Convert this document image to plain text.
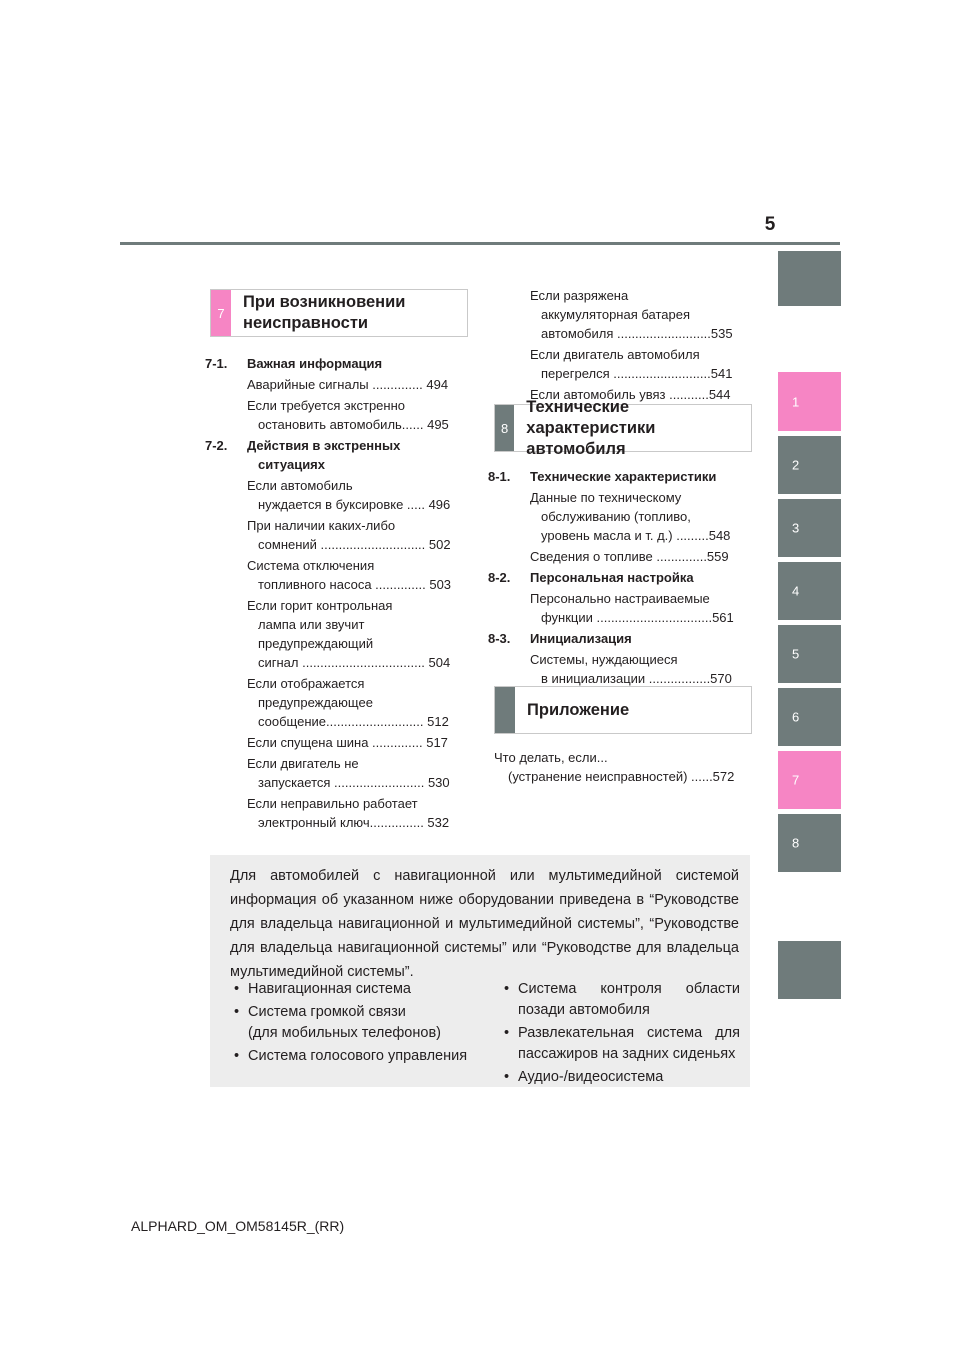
5
1
2
3
4
5
6
7
8
7
При возникновении
неисправности
7-1. Важная информация
Аварийные сигналы .............. 494
Если требуется экстренно
остановить автомобиль...... 495
7-2. Действия в экстренных
ситуациях
Если автомобиль
нуждается в буксировке ..... 496
При наличии каких-либо
сомнений ............................. 502
Система отключения
топливного насоса .............. 503
Если горит контрольная
лампа или звучит
предупреждающий
сигнал .................................. 504
Если отображается
предупреждающее
сообщение........................... 512
Если спущена шина .............. 517
Если двигатель не
запускается ......................... 530
Если неправильно работает
электронный ключ............... 532
Если разряжена
аккумуляторная батарея
автомобиля ..........................535
Если двигатель автомобиля
перегрелся ...........................541
Если автомобиль увяз ...........544
8
Технические
характеристики автомобиля
8-1. Технические характеристики
Данные по техническому
обслуживанию (топливо,
уровень масла и т. д.) .........548
Сведения о топливе ..............559
8-2. Персональная настройка
Персонально настраиваемые
функции ................................561
8-3. Инициализация
Системы, нуждающиеся
в инициализации .................570
Приложение
Что делать, если...
(устранение неисправностей) ......572
Для автомобилей с навигационной или мультимедийной системой информация об указанном ниже оборудовании приведена в “Руководстве для владельца навигационной и мультимедийной системы”, “Руководстве для владельца навигационной системы” или “Руководстве для владельца мультимедийной системы”.
• Навигационная система
• Система громкой связи
(для мобильных телефонов)
• Система голосового управления
• Система контроля области
позади автомобиля
• Развлекательная система для
пассажиров на задних сиденьях
• Аудио-/видеосистема
ALPHARD_OM_OM58145R_(RR)
